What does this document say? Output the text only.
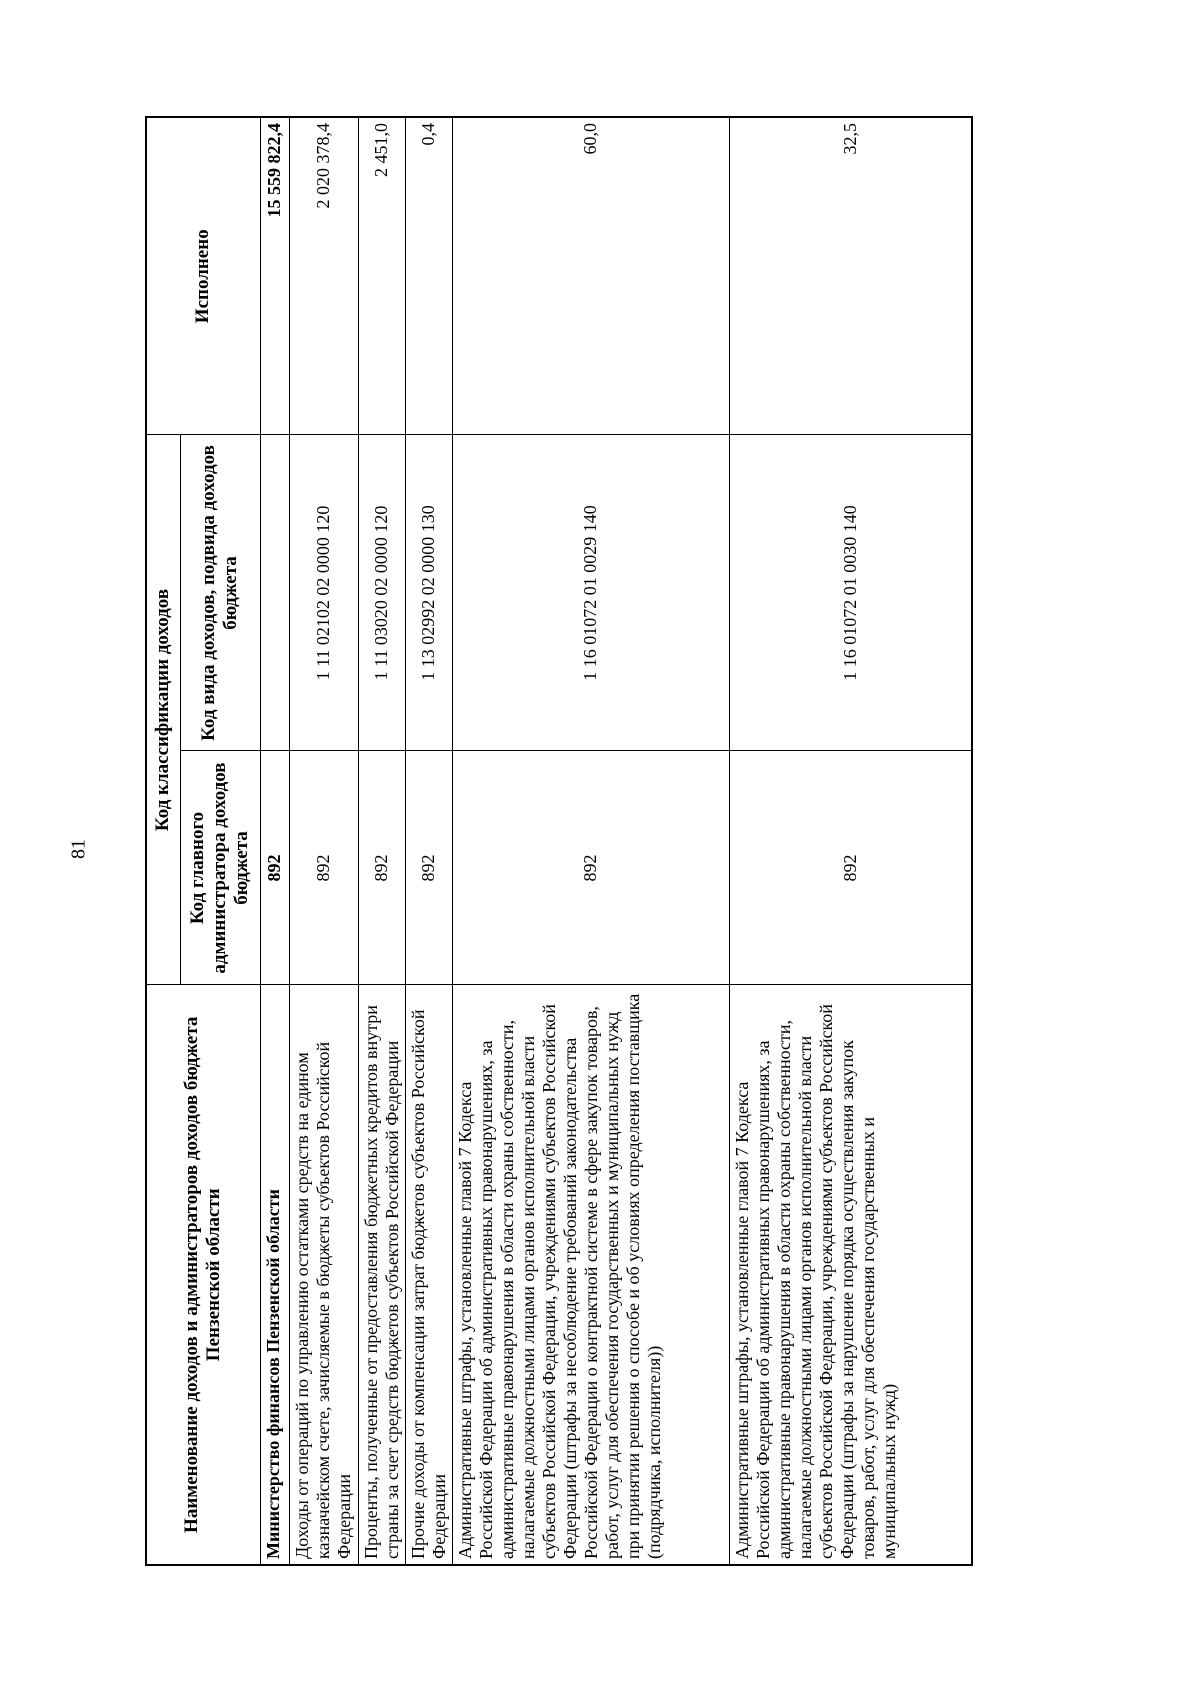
81
Наименование доходов и администраторов доходов бюджета Пензенской области	Код классификации доходов		Исполнено
	Код главного администратора доходов бюджета	Код вида доходов, подвида доходов бюджета	
Министерство финансов Пензенской области	892		15 559 822,4
Доходы от операций по управлению остатками средств на едином казначейском счете, зачисляемые в бюджеты субъектов Российской Федерации	892	1 11 02102 02 0000 120	2 020 378,4
Проценты, полученные от предоставления бюджетных кредитов внутри страны за счет средств бюджетов субъектов Российской Федерации	892	1 11 03020 02 0000 120	2 451,0
Прочие доходы от компенсации затрат бюджетов субъектов Российской Федерации	892	1 13 02992 02 0000 130	0,4
Административные штрафы, установленные главой 7 Кодекса Российской Федерации об административных правонарушениях, за административные правонарушения в области охраны собственности, налагаемые должностными лицами органов исполнительной власти субъектов Российской Федерации, учреждениями субъектов Российской Федерации (штрафы за несоблюдение требований законодательства Российской Федерации о контрактной системе в сфере закупок товаров, работ, услуг для обеспечения государственных и муниципальных нужд при принятии решения о способе и об условиях определения поставщика (подрядчика, исполнителя))	892	1 16 01072 01 0029 140	60,0
Административные штрафы, установленные главой 7 Кодекса Российской Федерации об административных правонарушениях, за административные правонарушения в области охраны собственности, налагаемые должностными лицами органов исполнительной власти субъектов Российской Федерации, учреждениями субъектов Российской Федерации (штрафы за нарушение порядка осуществления закупок товаров, работ, услуг для обеспечения государственных и муниципальных нужд)	892	1 16 01072 01 0030 140	32,5
